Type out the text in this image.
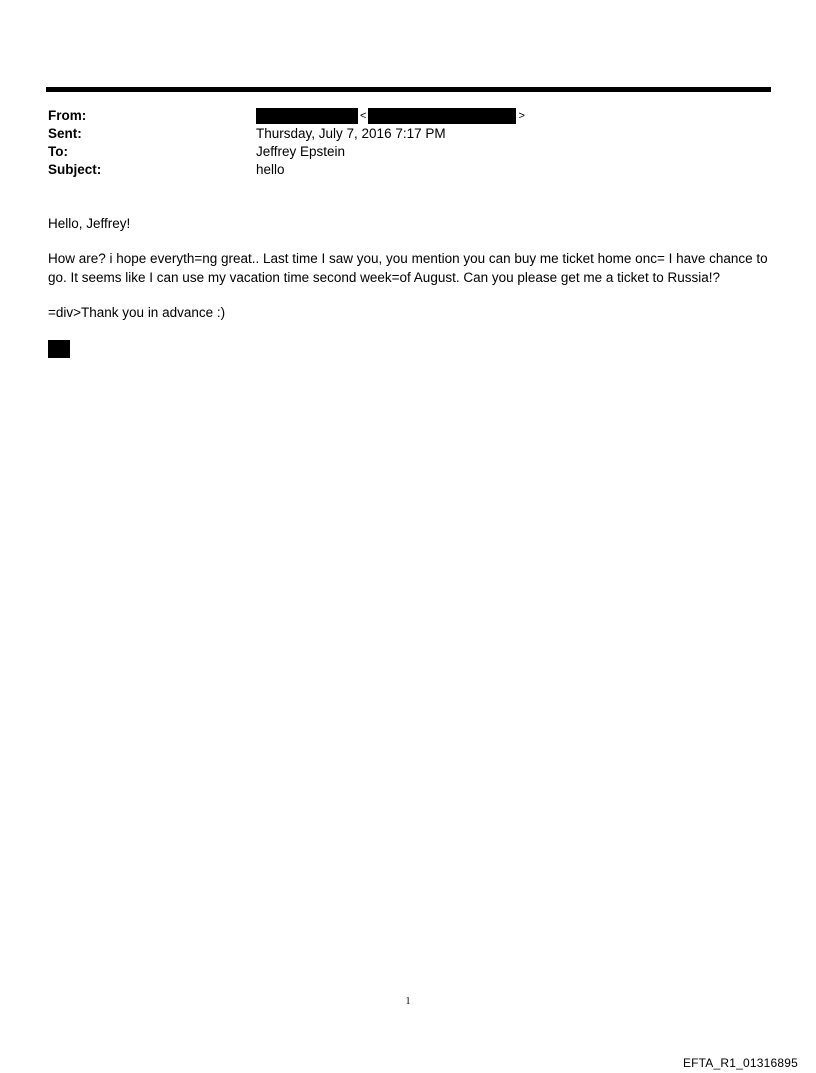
From:	<	>
Sent:	Thursday, July 7, 2016 7:17 PM
To:	Jeffrey Epstein
Subject:	hello

Hello, Jeffrey!

How are? i hope everyth=ng great.. Last time I saw you, you mention you can buy me ticket home onc= I have chance to go. It seems like I can use my vacation time second week=of August. Can you please get me a ticket to Russia!?

=div>Thank you in advance :)

1
EFTA_R1_01316895
